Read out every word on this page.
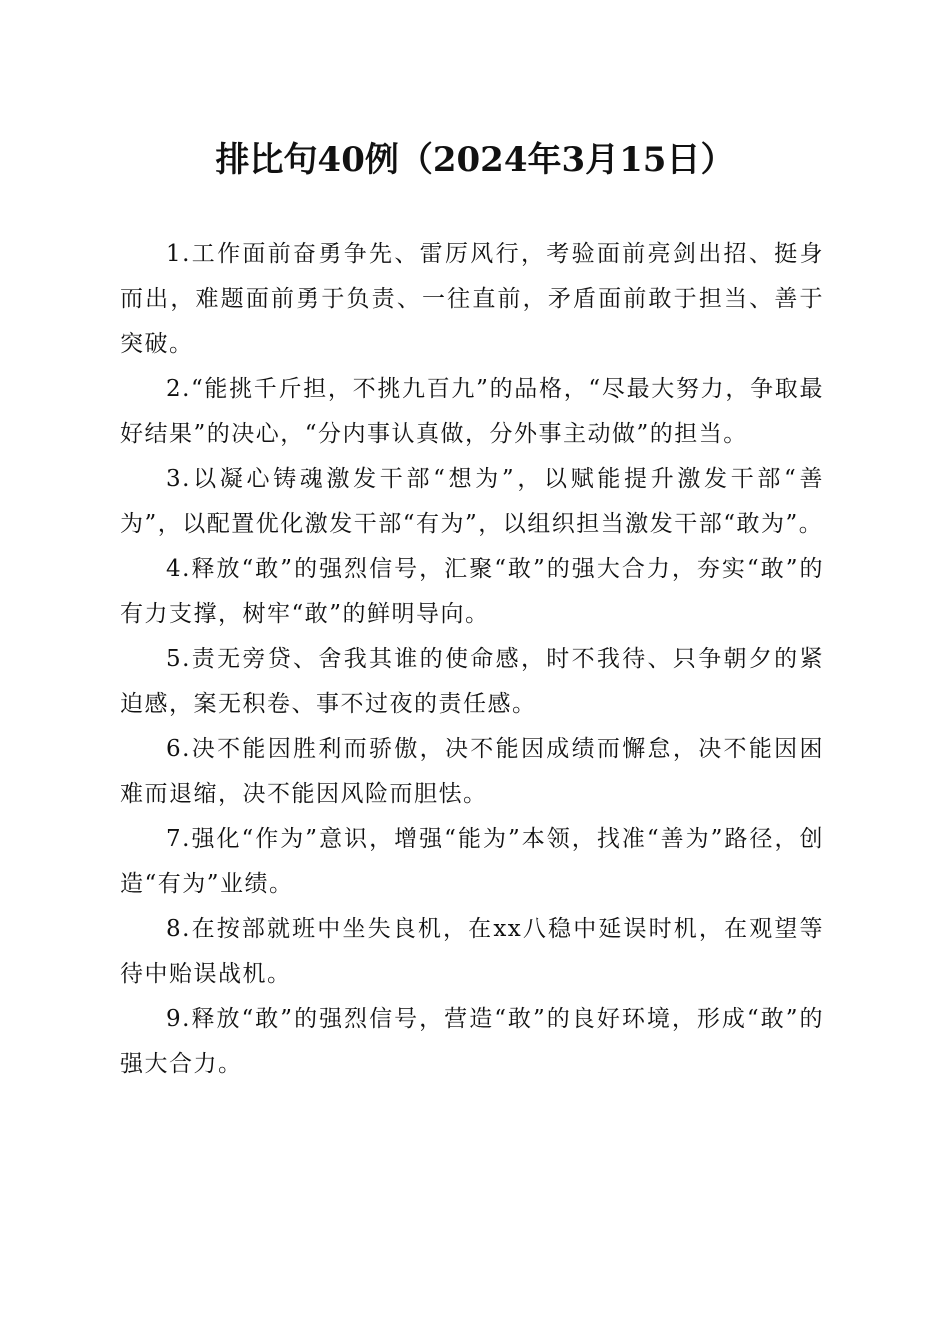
排比句40例（2024年3月15日）

1.工作面前奋勇争先、雷厉风行，考验面前亮剑出招、挺身而出，难题面前勇于负责、一往直前，矛盾面前敢于担当、善于突破。

2.“能挑千斤担，不挑九百九”的品格，“尽最大努力，争取最好结果”的决心，“分内事认真做，分外事主动做”的担当。

3.以凝心铸魂激发干部“想为”，以赋能提升激发干部“善为”，以配置优化激发干部“有为”，以组织担当激发干部“敢为”。

4.释放“敢”的强烈信号，汇聚“敢”的强大合力，夯实“敢”的有力支撑，树牢“敢”的鲜明导向。

5.责无旁贷、舍我其谁的使命感，时不我待、只争朝夕的紧迫感，案无积卷、事不过夜的责任感。

6.决不能因胜利而骄傲，决不能因成绩而懈怠，决不能因困难而退缩，决不能因风险而胆怯。

7.强化“作为”意识，增强“能为”本领，找准“善为”路径，创造“有为”业绩。

8.在按部就班中坐失良机，在xx八稳中延误时机，在观望等待中贻误战机。

9.释放“敢”的强烈信号，营造“敢”的良好环境，形成“敢”的强大合力。
